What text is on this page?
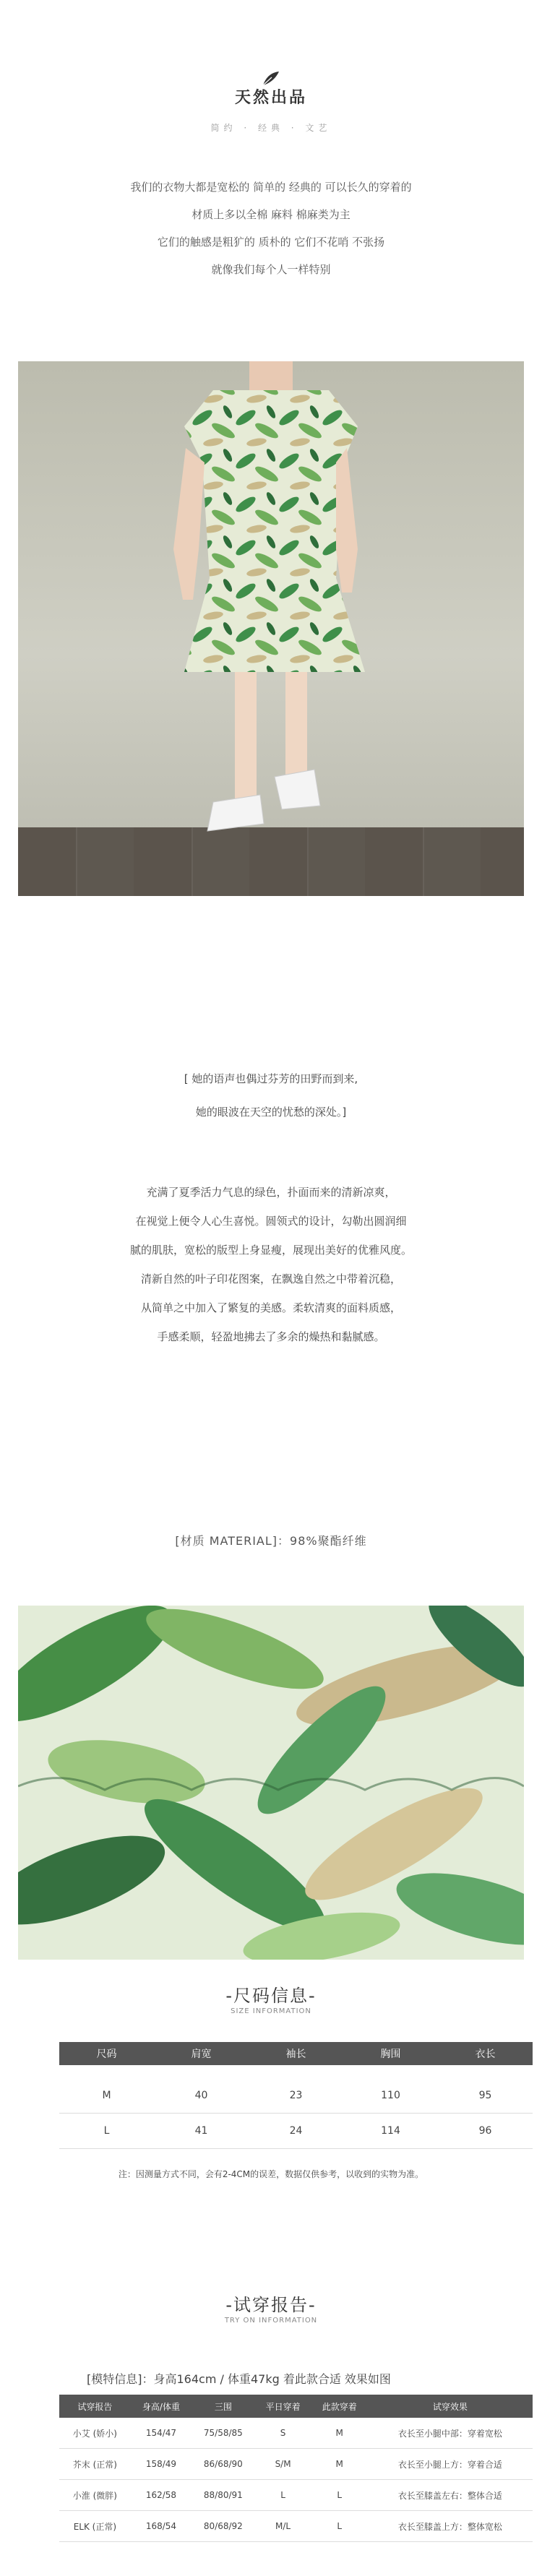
天然出品
简约 · 经典 · 文艺
我们的衣物大都是宽松的 简单的 经典的 可以长久的穿着的
材质上多以全棉 麻料 棉麻类为主
它们的触感是粗犷的 质朴的 它们不花哨 不张扬
就像我们每个人一样特别
[ 她的语声也偶过芬芳的田野而到来,
她的眼波在天空的忧愁的深处。]
充满了夏季活力气息的绿色，扑面而来的清新凉爽，
在视觉上便令人心生喜悦。圆领式的设计，勾勒出圆润细
腻的肌肤，宽松的版型上身显瘦，展现出美好的优雅风度。
清新自然的叶子印花图案，在飘逸自然之中带着沉稳，
从简单之中加入了繁复的美感。柔软清爽的面料质感，
手感柔顺，轻盈地拂去了多余的燥热和黏腻感。
[材质 MATERIAL]：98%聚酯纤维
-尺码信息-
SIZE INFORMATION
尺码	肩宽	袖长	胸围	衣长

M	40	23	110	95
L	41	24	114	96
注：因测量方式不同，会有2-4CM的误差，数据仅供参考，以收到的实物为准。
-试穿报告-
TRY ON INFORMATION
[模特信息]：身高164cm / 体重47kg 着此款合适 效果如图
试穿报告	身高/体重	三围	平日穿着	此款穿着	试穿效果
小艾 (娇小)	154/47	75/58/85	S	M	衣长至小腿中部：穿着宽松
芥末 (正常)	158/49	86/68/90	S/M	M	衣长至小腿上方：穿着合适
小淮 (微胖)	162/58	88/80/91	L	L	衣长至膝盖左右：整体合适
ELK (正常)	168/54	80/68/92	M/L	L	衣长至膝盖上方：整体宽松
